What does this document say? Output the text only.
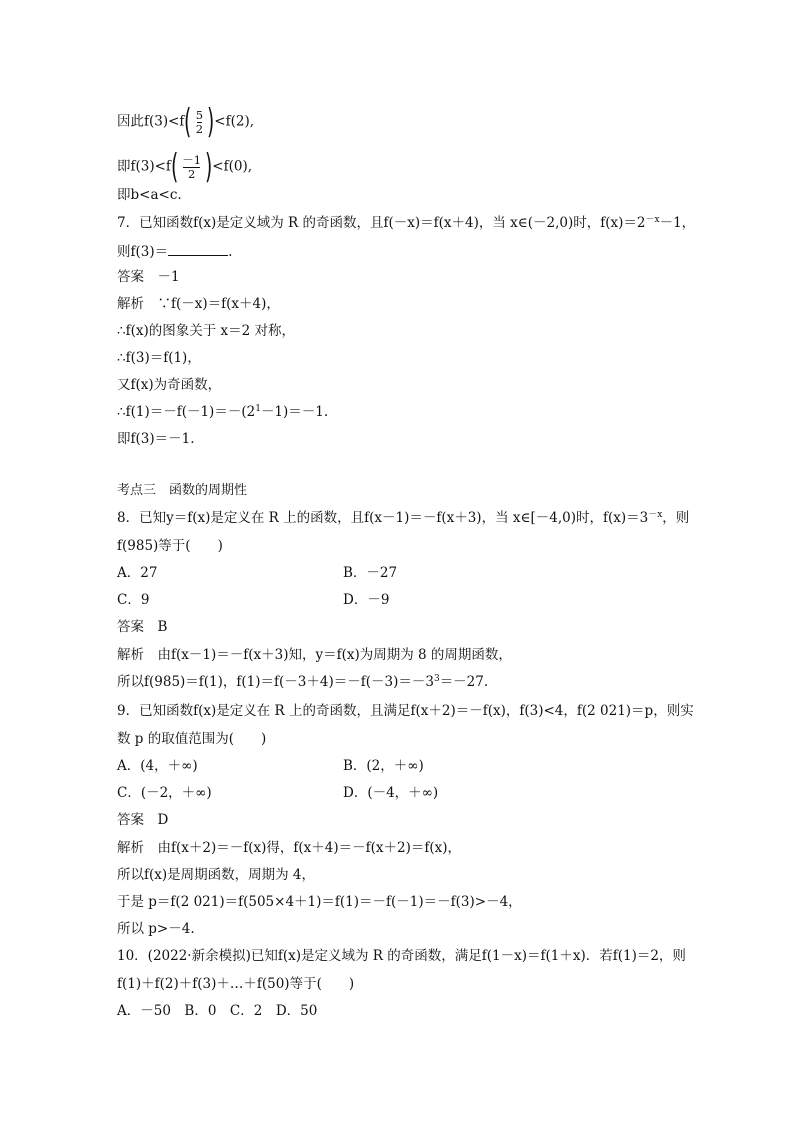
因此$f(3)<f( \frac{5}{2} )<f(2)$,
即$f(3)<f( \frac{-1}{2} )<f(0)$,
即b<a<c.
7．已知函数f(x)是定义域为 R 的奇函数，且f(－x)＝f(x＋4)，当 x∈(－2,0)时，$f(x)=2^{-x}-1$，
则f(3)＝	.
答案　－1
解析　∵f(－x)＝f(x＋4)，
∴f(x)的图象关于 x＝2 对称，
∴f(3)＝f(1)，
又f(x)为奇函数，
$\therefore f(1)=-f(-1)=-(2^1-1)=-1$.
即f(3)＝－1.
考点三　函数的周期性
8．已知y＝f(x)是定义在 R 上的函数，且f(x－1)＝－f(x＋3)，当 x∈[－4,0)时，$f(x)=3^{-x}$，则
f(985)等于(　　)
A．27	B．－27
C．9	D．－9
答案　B
解析　由f(x－1)＝－f(x＋3)知，y＝f(x)为周期为 8 的周期函数，
所以f(985)＝f(1)，$f(1)=f(-3+4)=-f(-3)=-3^3=-27$.
9．已知函数f(x)是定义在 R 上的奇函数，且满足f(x＋2)＝－f(x)，f(3)<4，f(2 021)＝p，则实
数 p 的取值范围为(　　)
A．(4，＋∞)	B．(2，＋∞)
C．(－2，＋∞)	D．(－4，＋∞)
答案　D
解析　由f(x＋2)＝－f(x)得，f(x＋4)＝－f(x＋2)＝f(x)，
所以f(x)是周期函数，周期为 4，
于是 p＝f(2 021)＝f(505×4＋1)＝f(1)＝－f(－1)＝－f(3)>－4，
所以 p>－4.
10．(2022·新余模拟)已知f(x)是定义域为 R 的奇函数，满足f(1－x)＝f(1＋x)．若f(1)＝2，则
f(1)＋f(2)＋f(3)＋…＋f(50)等于(　　)
A．－50　B．0　C．2　D．50
